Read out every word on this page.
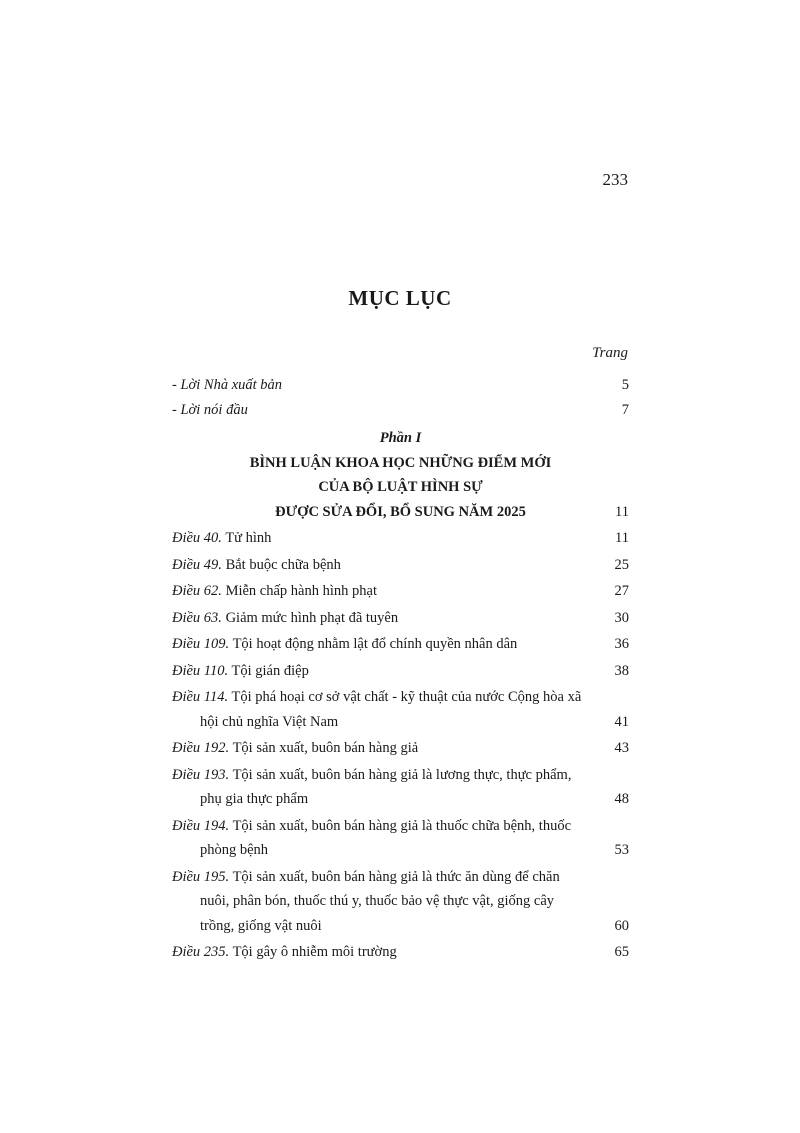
233
MỤC LỤC
Trang
- Lời Nhà xuất bản	5
- Lời nói đầu	7
Phần I
BÌNH LUẬN KHOA HỌC NHỮNG ĐIỂM MỚI
CỦA BỘ LUẬT HÌNH SỰ
ĐƯỢC SỬA ĐỔI, BỔ SUNG NĂM 2025	11
Điều 40. Tử hình	11
Điều 49. Bắt buộc chữa bệnh	25
Điều 62. Miễn chấp hành hình phạt	27
Điều 63. Giảm mức hình phạt đã tuyên	30
Điều 109. Tội hoạt động nhằm lật đổ chính quyền nhân dân	36
Điều 110. Tội gián điệp	38
Điều 114. Tội phá hoại cơ sở vật chất - kỹ thuật của nước Cộng hòa xã hội chủ nghĩa Việt Nam	41
Điều 192. Tội sản xuất, buôn bán hàng giả	43
Điều 193. Tội sản xuất, buôn bán hàng giả là lương thực, thực phẩm, phụ gia thực phẩm	48
Điều 194. Tội sản xuất, buôn bán hàng giả là thuốc chữa bệnh, thuốc phòng bệnh	53
Điều 195. Tội sản xuất, buôn bán hàng giả là thức ăn dùng để chăn nuôi, phân bón, thuốc thú y, thuốc bảo vệ thực vật, giống cây trồng, giống vật nuôi	60
Điều 235. Tội gây ô nhiễm môi trường	65
